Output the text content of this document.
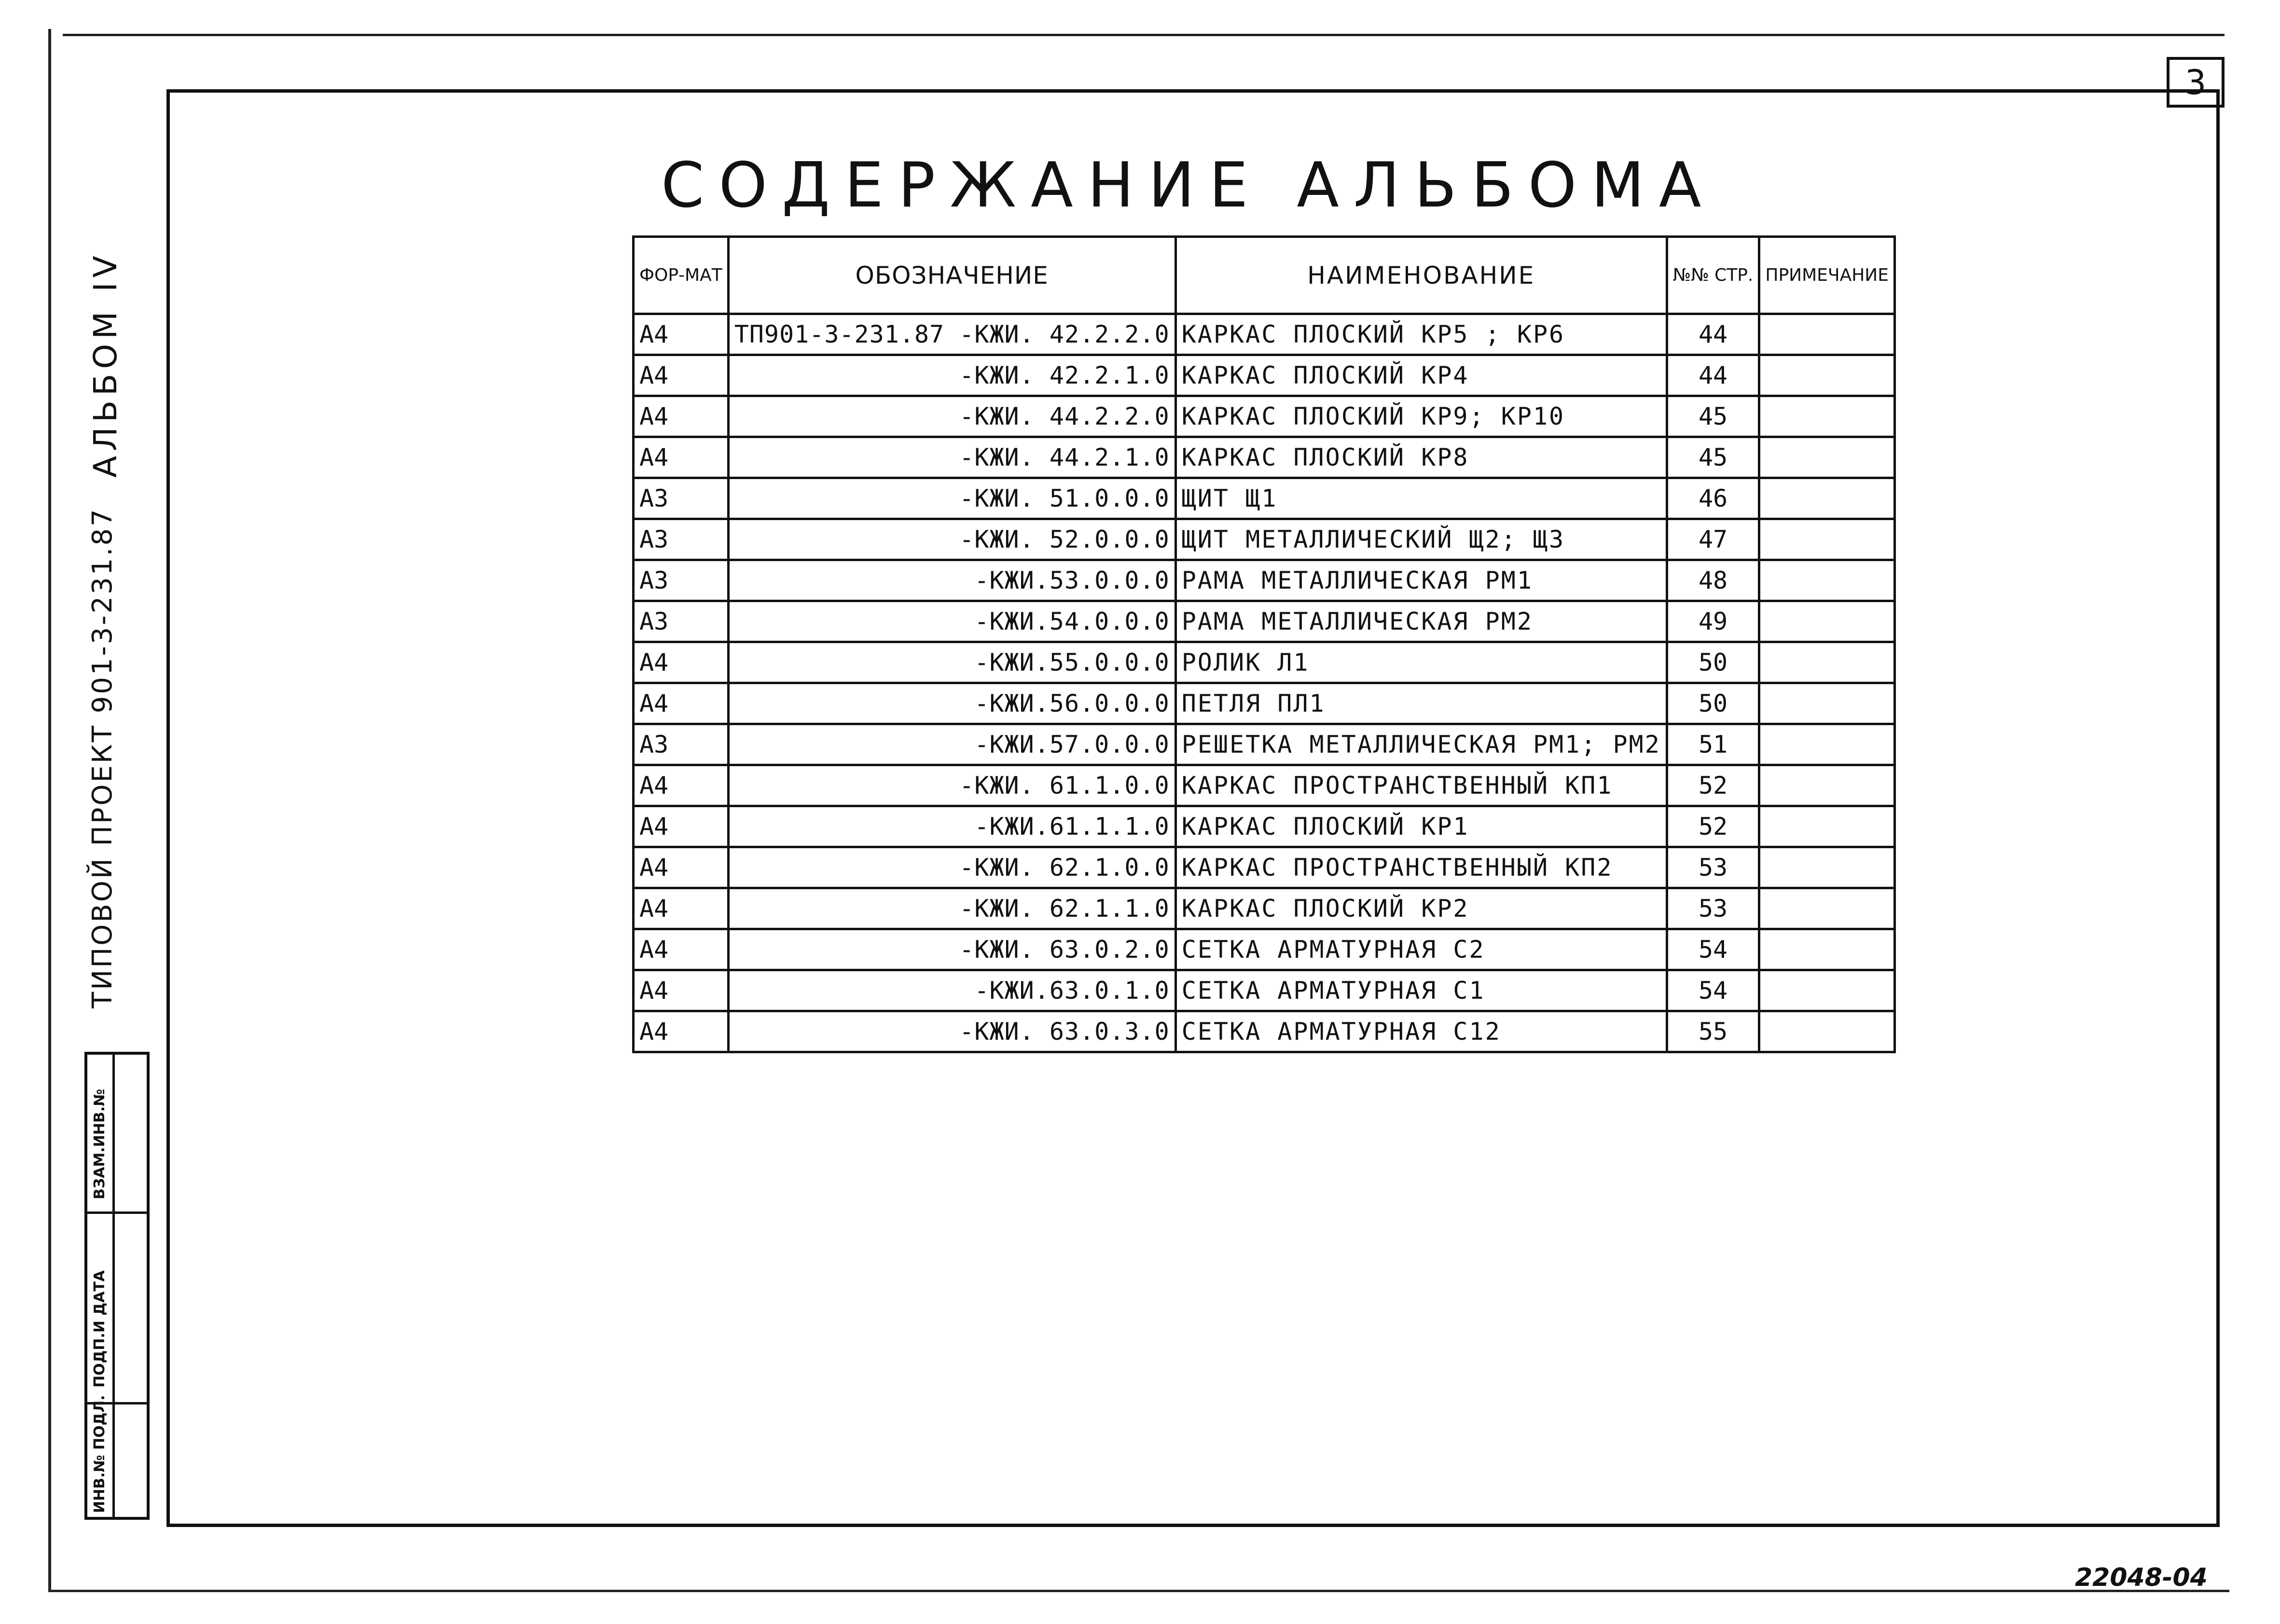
3
СОДЕРЖАНИЕ АЛЬБОМА
АЛЬБОМ IV
ТИПОВОЙ ПРОЕКТ 901-3-231.87
ВЗАМ.ИНВ.№
ПОДП.И ДАТА
ИНВ.№ ПОДЛ.
ФОР-МАТ	ОБОЗНАЧЕНИЕ	НАИМЕНОВАНИЕ	№№ СТР.	ПРИМЕЧАНИЕ
А4	ТП901-3-231.87 -КЖИ. 42.2.2.0	КАРКАС ПЛОСКИЙ КР5 ; КР6	44	
А4	-КЖИ. 42.2.1.0	КАРКАС ПЛОСКИЙ КР4	44	
А4	-КЖИ. 44.2.2.0	КАРКАС ПЛОСКИЙ КР9; КР10	45	
А4	-КЖИ. 44.2.1.0	КАРКАС ПЛОСКИЙ КР8	45	
А3	-КЖИ. 51.0.0.0	ЩИТ Щ1	46	
А3	-КЖИ. 52.0.0.0	ЩИТ МЕТАЛЛИЧЕСКИЙ Щ2; Щ3	47	
А3	-КЖИ.53.0.0.0	РАМА МЕТАЛЛИЧЕСКАЯ РМ1	48	
А3	-КЖИ.54.0.0.0	РАМА МЕТАЛЛИЧЕСКАЯ РМ2	49	
А4	-КЖИ.55.0.0.0	РОЛИК Л1	50	
А4	-КЖИ.56.0.0.0	ПЕТЛЯ ПЛ1	50	
А3	-КЖИ.57.0.0.0	РЕШЕТКА МЕТАЛЛИЧЕСКАЯ РМ1; РМ2	51	
А4	-КЖИ. 61.1.0.0	КАРКАС ПРОСТРАНСТВЕННЫЙ КП1	52	
А4	-КЖИ.61.1.1.0	КАРКАС ПЛОСКИЙ КР1	52	
А4	-КЖИ. 62.1.0.0	КАРКАС ПРОСТРАНСТВЕННЫЙ КП2	53	
А4	-КЖИ. 62.1.1.0	КАРКАС ПЛОСКИЙ КР2	53	
А4	-КЖИ. 63.0.2.0	СЕТКА АРМАТУРНАЯ С2	54	
А4	-КЖИ.63.0.1.0	СЕТКА АРМАТУРНАЯ С1	54	
А4	-КЖИ. 63.0.3.0	СЕТКА АРМАТУРНАЯ С12	55	
22048-04
